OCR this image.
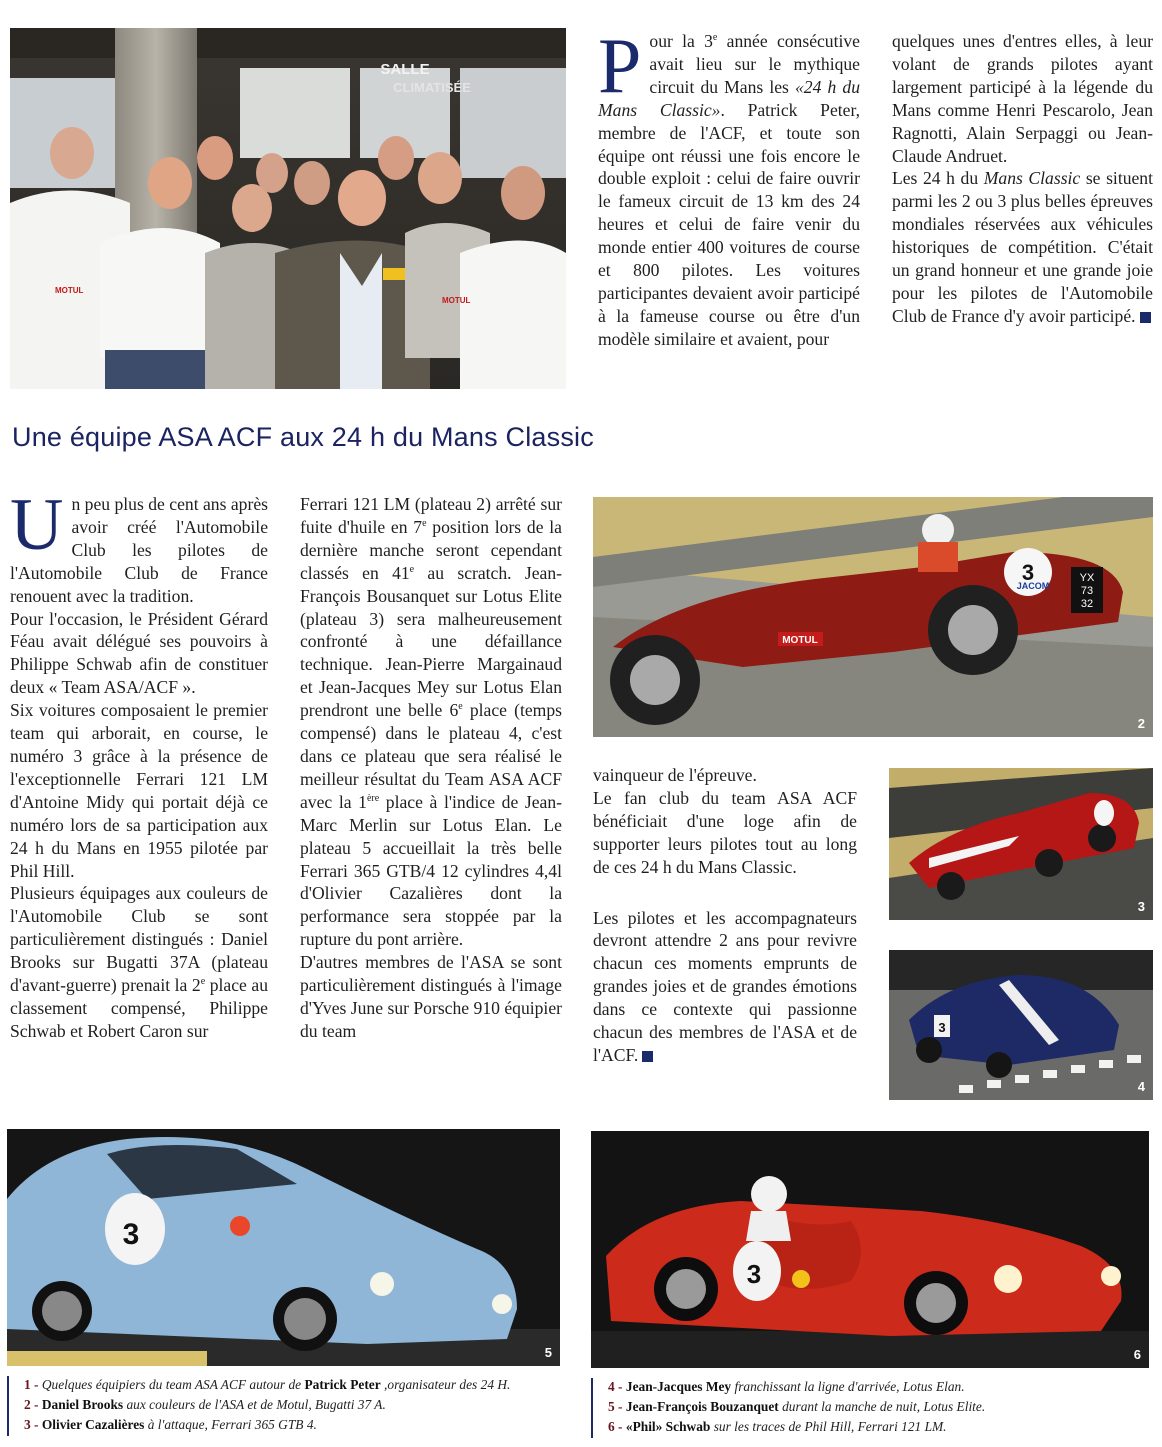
SALLE
CLIMATISÉE
MOTUL
MOTUL
Pour la 3e année consécutive avait lieu sur le mythique circuit du Mans les «24 h du Mans Classic». Patrick Peter, membre de l'ACF, et toute son équipe ont réussi une fois encore le double exploit : celui de faire ouvrir le fameux circuit de 13 km des 24 heures et celui de faire venir du monde entier 400 voitures de course et 800 pilotes. Les voitures participantes devaient avoir participé à la fameuse course ou être d'un modèle similaire et avaient, pour

quelques unes d'entres elles, à leur volant de grands pilotes ayant largement participé à la légende du Mans comme Henri Pescarolo, Jean Ragnotti, Alain Serpaggi ou Jean-Claude Andruet.

Les 24 h du Mans Classic se situent parmi les 2 ou 3 plus belles épreuves mondiales réservées aux véhicules historiques de compétition. C'était un grand honneur et une grande joie pour les pilotes de l'Automobile Club de France d'y avoir participé.

Une équipe ASA ACF aux 24 h du Mans Classic

Un peu plus de cent ans après avoir créé l'Automobile Club les pilotes de l'Automobile Club de France renouent avec la tradition.

Pour l'occasion, le Président Gérard Féau avait délégué ses pouvoirs à Philippe Schwab afin de constituer deux « Team ASA/ACF ».

Six voitures composaient le premier team qui arborait, en course, le numéro 3 grâce à la présence de l'exceptionnelle Ferrari 121 LM d'Antoine Midy qui portait déjà ce numéro lors de sa participation aux 24 h du Mans en 1955 pilotée par Phil Hill.

Plusieurs équipages aux couleurs de l'Automobile Club se sont particulièrement distingués : Daniel Brooks sur Bugatti 37A (plateau d'avant-guerre) prenait la 2e place au classement compensé, Philippe Schwab et Robert Caron sur

Ferrari 121 LM (plateau 2) arrêté sur fuite d'huile en 7e position lors de la dernière manche seront cependant classés en 41e au scratch. Jean-François Bousanquet sur Lotus Elite (plateau 3) sera malheureusement confronté à une défaillance technique. Jean-Pierre Margainaud et Jean-Jacques Mey sur Lotus Elan prendront une belle 6e place (temps compensé) dans le plateau 4, c'est dans ce plateau que sera réalisé le meilleur résultat du Team ASA ACF avec la 1ère place à l'indice de Jean-Marc Merlin sur Lotus Elan. Le plateau 5 accueillait la très belle Ferrari 365 GTB/4 12 cylindres 4,4l d'Olivier Cazalières dont la performance sera stoppée par la rupture du pont arrière.

D'autres membres de l'ASA se sont particulièrement distingués à l'image d'Yves June sur Porsche 910 équipier du team

3
JACOM
YX
73
32
MOTUL
2

vainqueur de l'épreuve.

Le fan club du team ASA ACF bénéficiait d'une loge afin de supporter leurs pilotes tout au long de ces 24 h du Mans Classic.

Les pilotes et les accompagnateurs devront attendre 2 ans pour revivre chacun ces moments emprunts de grandes joies et de grandes émotions dans ce contexte qui passionne chacun des membres de l'ASA et de l'ACF.

3
3
4
3
5
3
6
1 - Quelques équipiers du team ASA ACF autour de Patrick Peter ,organisateur des 24 H.
2 - Daniel Brooks aux couleurs de l'ASA et de Motul, Bugatti 37 A.
3 - Olivier Cazalières à l'attaque, Ferrari 365 GTB 4.
4 - Jean-Jacques Mey franchissant la ligne d'arrivée, Lotus Elan.
5 - Jean-François Bouzanquet durant la manche de nuit, Lotus Elite.
6 - «Phil» Schwab sur les traces de Phil Hill, Ferrari 121 LM.
